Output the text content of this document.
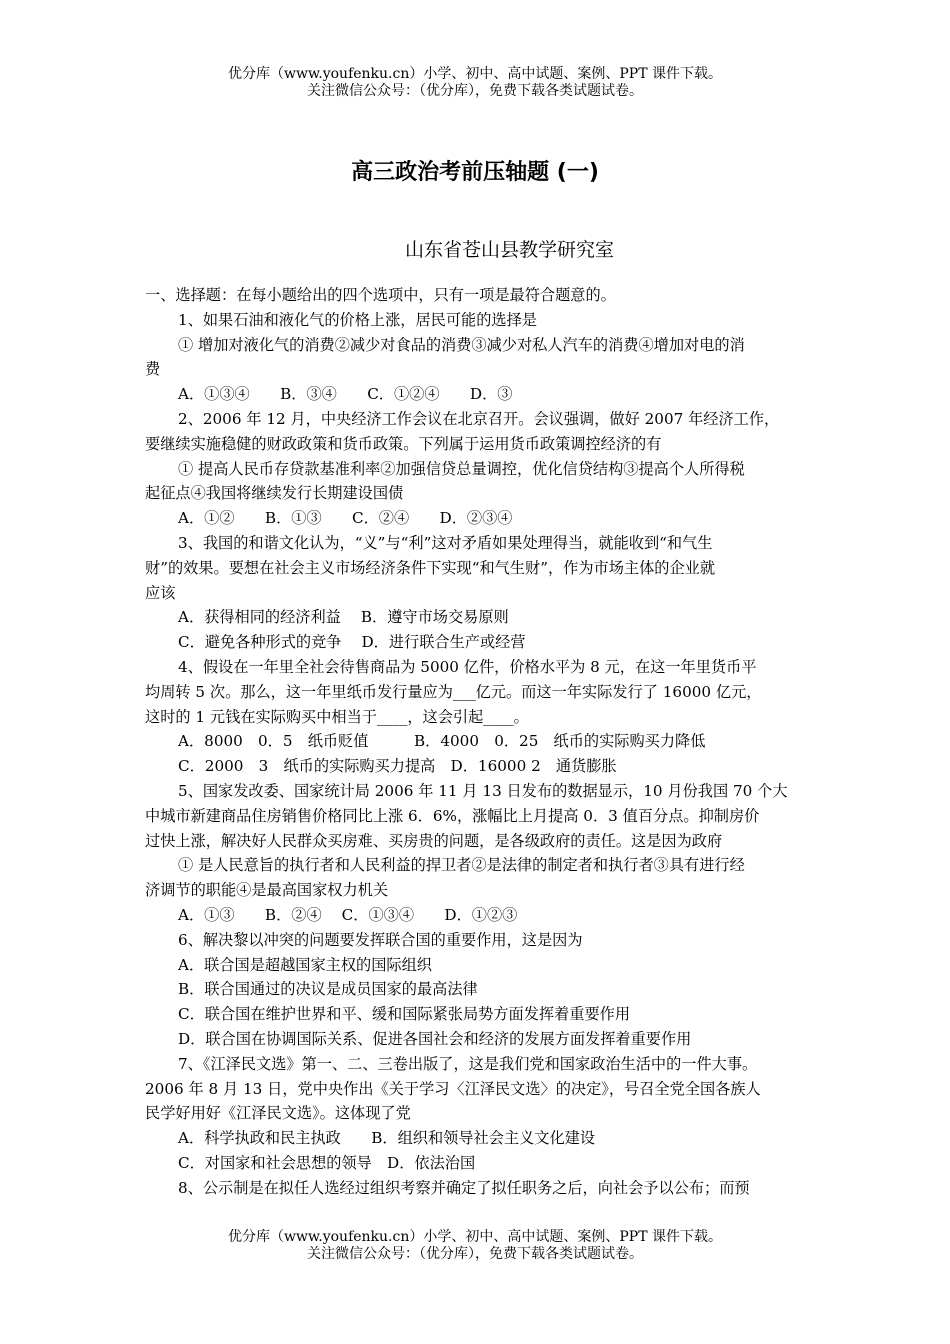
优分库（www.youfenku.cn）小学、初中、高中试题、案例、PPT 课件下载。
关注微信公众号：（优分库），免费下载各类试题试卷。
高三政治考前压轴题 (一)
山东省苍山县教学研究室
一、选择题：在每小题给出的四个选项中，只有一项是最符合题意的。
1、如果石油和液化气的价格上涨，居民可能的选择是
① 增加对液化气的消费②减少对食品的消费③减少对私人汽车的消费④增加对电的消
费
A．①③④　　B．③④　　C．①②④　　D．③
2、2006 年 12 月，中央经济工作会议在北京召开。会议强调，做好 2007 年经济工作，
要继续实施稳健的财政政策和货币政策。下列属于运用货币政策调控经济的有
① 提高人民币存贷款基准利率②加强信贷总量调控，优化信贷结构③提高个人所得税
起征点④我国将继续发行长期建设国债
A．①②　　B．①③　　C．②④　　D．②③④
3、我国的和谐文化认为，“义”与“利”这对矛盾如果处理得当，就能收到“和气生
财”的效果。要想在社会主义市场经济条件下实现“和气生财”，作为市场主体的企业就
应该
A．获得相同的经济利益　 B．遵守市场交易原则
C．避免各种形式的竞争　 D．进行联合生产或经营
4、假设在一年里全社会待售商品为 5000 亿件，价格水平为 8 元，在这一年里货币平
均周转 5 次。那么，这一年里纸币发行量应为___亿元。而这一年实际发行了 16000 亿元，
这时的 1 元钱在实际购买中相当于____，这会引起____。
A．8000　0．5　纸币贬值　　　B．4000　0．25　纸币的实际购买力降低
C．2000　3　纸币的实际购买力提高　D．16000 2　通货膨胀
5、国家发改委、国家统计局 2006 年 11 月 13 日发布的数据显示，10 月份我国 70 个大
中城市新建商品住房销售价格同比上涨 6．6%，涨幅比上月提高 0．3 值百分点。抑制房价
过快上涨，解决好人民群众买房难、买房贵的问题，是各级政府的责任。这是因为政府
① 是人民意旨的执行者和人民利益的捍卫者②是法律的制定者和执行者③具有进行经
济调节的职能④是最高国家权力机关
A．①③　　B．②④　 C．①③④　　D．①②③
6、解决黎以冲突的问题要发挥联合国的重要作用，这是因为
A．联合国是超越国家主权的国际组织
B．联合国通过的决议是成员国家的最高法律
C．联合国在维护世界和平、缓和国际紧张局势方面发挥着重要作用
D．联合国在协调国际关系、促进各国社会和经济的发展方面发挥着重要作用
7、《江泽民文选》第一、二、三卷出版了，这是我们党和国家政治生活中的一件大事。
2006 年 8 月 13 日，党中央作出《关于学习〈江泽民文选〉的决定》，号召全党全国各族人
民学好用好《江泽民文选》。这体现了党
A．科学执政和民主执政　　B．组织和领导社会主义文化建设
C．对国家和社会思想的领导　D．依法治国
8、公示制是在拟任人选经过组织考察并确定了拟任职务之后，向社会予以公布；而预
优分库（www.youfenku.cn）小学、初中、高中试题、案例、PPT 课件下载。
关注微信公众号：（优分库），免费下载各类试题试卷。
